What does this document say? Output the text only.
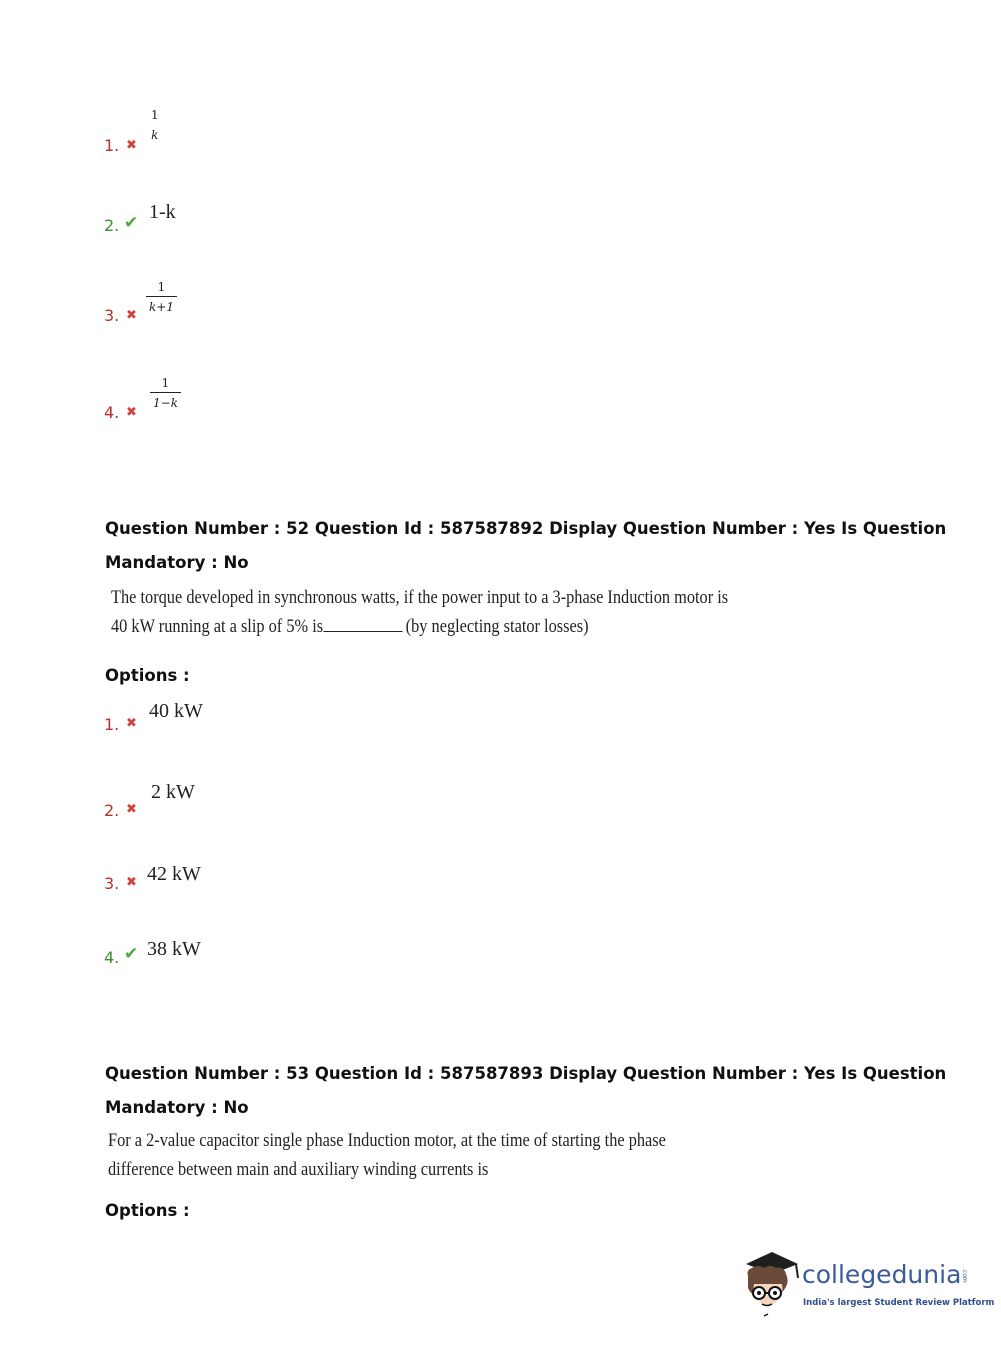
1. ✖
1
k
2. ✔ 1-k
3. ✖
1
k+1
4. ✖
1
1−k
Question Number : 52 Question Id : 587587892 Display Question Number : Yes Is Question
Mandatory : No
The torque developed in synchronous watts, if the power input to a 3-phase Induction motor is
40 kW running at a slip of 5% is	(by neglecting stator losses)
Options :
1. ✖
40 kW
2. ✖
2 kW
3. ✖ 42 kW
4. ✔ 38 kW
Question Number : 53 Question Id : 587587893 Display Question Number : Yes Is Question
Mandatory : No
For a 2-value capacitor single phase Induction motor, at the time of starting the phase
difference between main and auxiliary winding currents is
Options :
collegedunia .com
India's largest Student Review Platform
